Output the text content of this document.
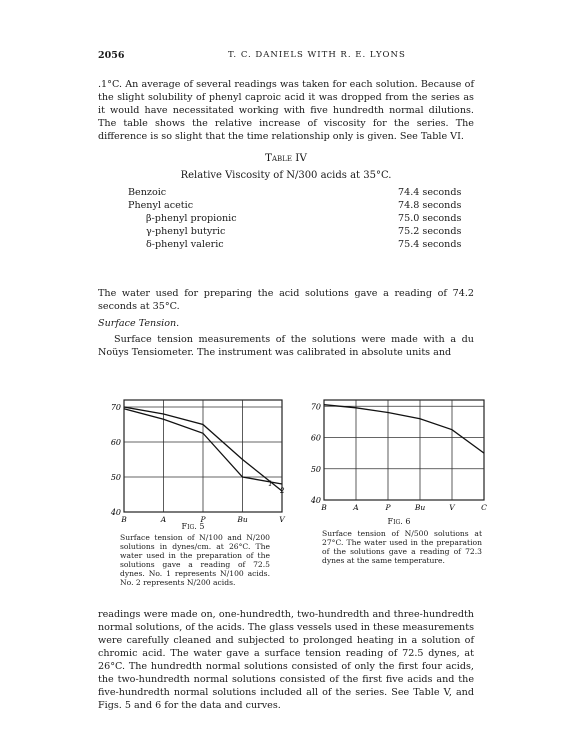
2056	T. C. DANIELS WITH R. E. LYONS
.1°C. An average of several readings was taken for each solution. Because of the slight solubility of phenyl caproic acid it was dropped from the series as it would have necessitated working with five hundredth normal dilutions. The table shows the relative increase of viscosity for the series. The difference is so slight that the time relationship only is given. See Table VI.
Table IV
Relative Viscosity of N/300 acids at 35°C.
Benzoic	74.4 seconds
Phenyl acetic	74.8 seconds
β-phenyl propionic	75.0 seconds
γ-phenyl butyric	75.2 seconds
δ-phenyl valeric	75.4 seconds
The water used for preparing the acid solutions gave a reading of 74.2 seconds at 35°C.
Surface Tension.
Surface tension measurements of the solutions were made with a du Noüys Tensiometer. The instrument was calibrated in absolute units and
70
60
50
40
B	A	P	Bu	V
1
2
Fig. 5
Surface tension of N/100 and N/200 solutions in dynes/cm. at 26°C. The water used in the preparation of the solutions gave a reading of 72.5 dynes. No. 1 represents N/100 acids. No. 2 represents N/200 acids.
70
60
50
40
B	A	P	Bu	V	C
Fig. 6
Surface tension of N/500 solutions at 27°C. The water used in the preparation of the solutions gave a reading of 72.3 dynes at the same temperature.
readings were made on, one-hundredth, two-hundredth and three-hundredth normal solutions, of the acids. The glass vessels used in these measurements were carefully cleaned and subjected to prolonged heating in a solution of chromic acid. The water gave a surface tension reading of 72.5 dynes, at 26°C. The hundredth normal solutions consisted of only the first four acids, the two-hundredth normal solutions consisted of the first five acids and the five-hundredth normal solutions included all of the series. See Table V, and Figs. 5 and 6 for the data and curves.
